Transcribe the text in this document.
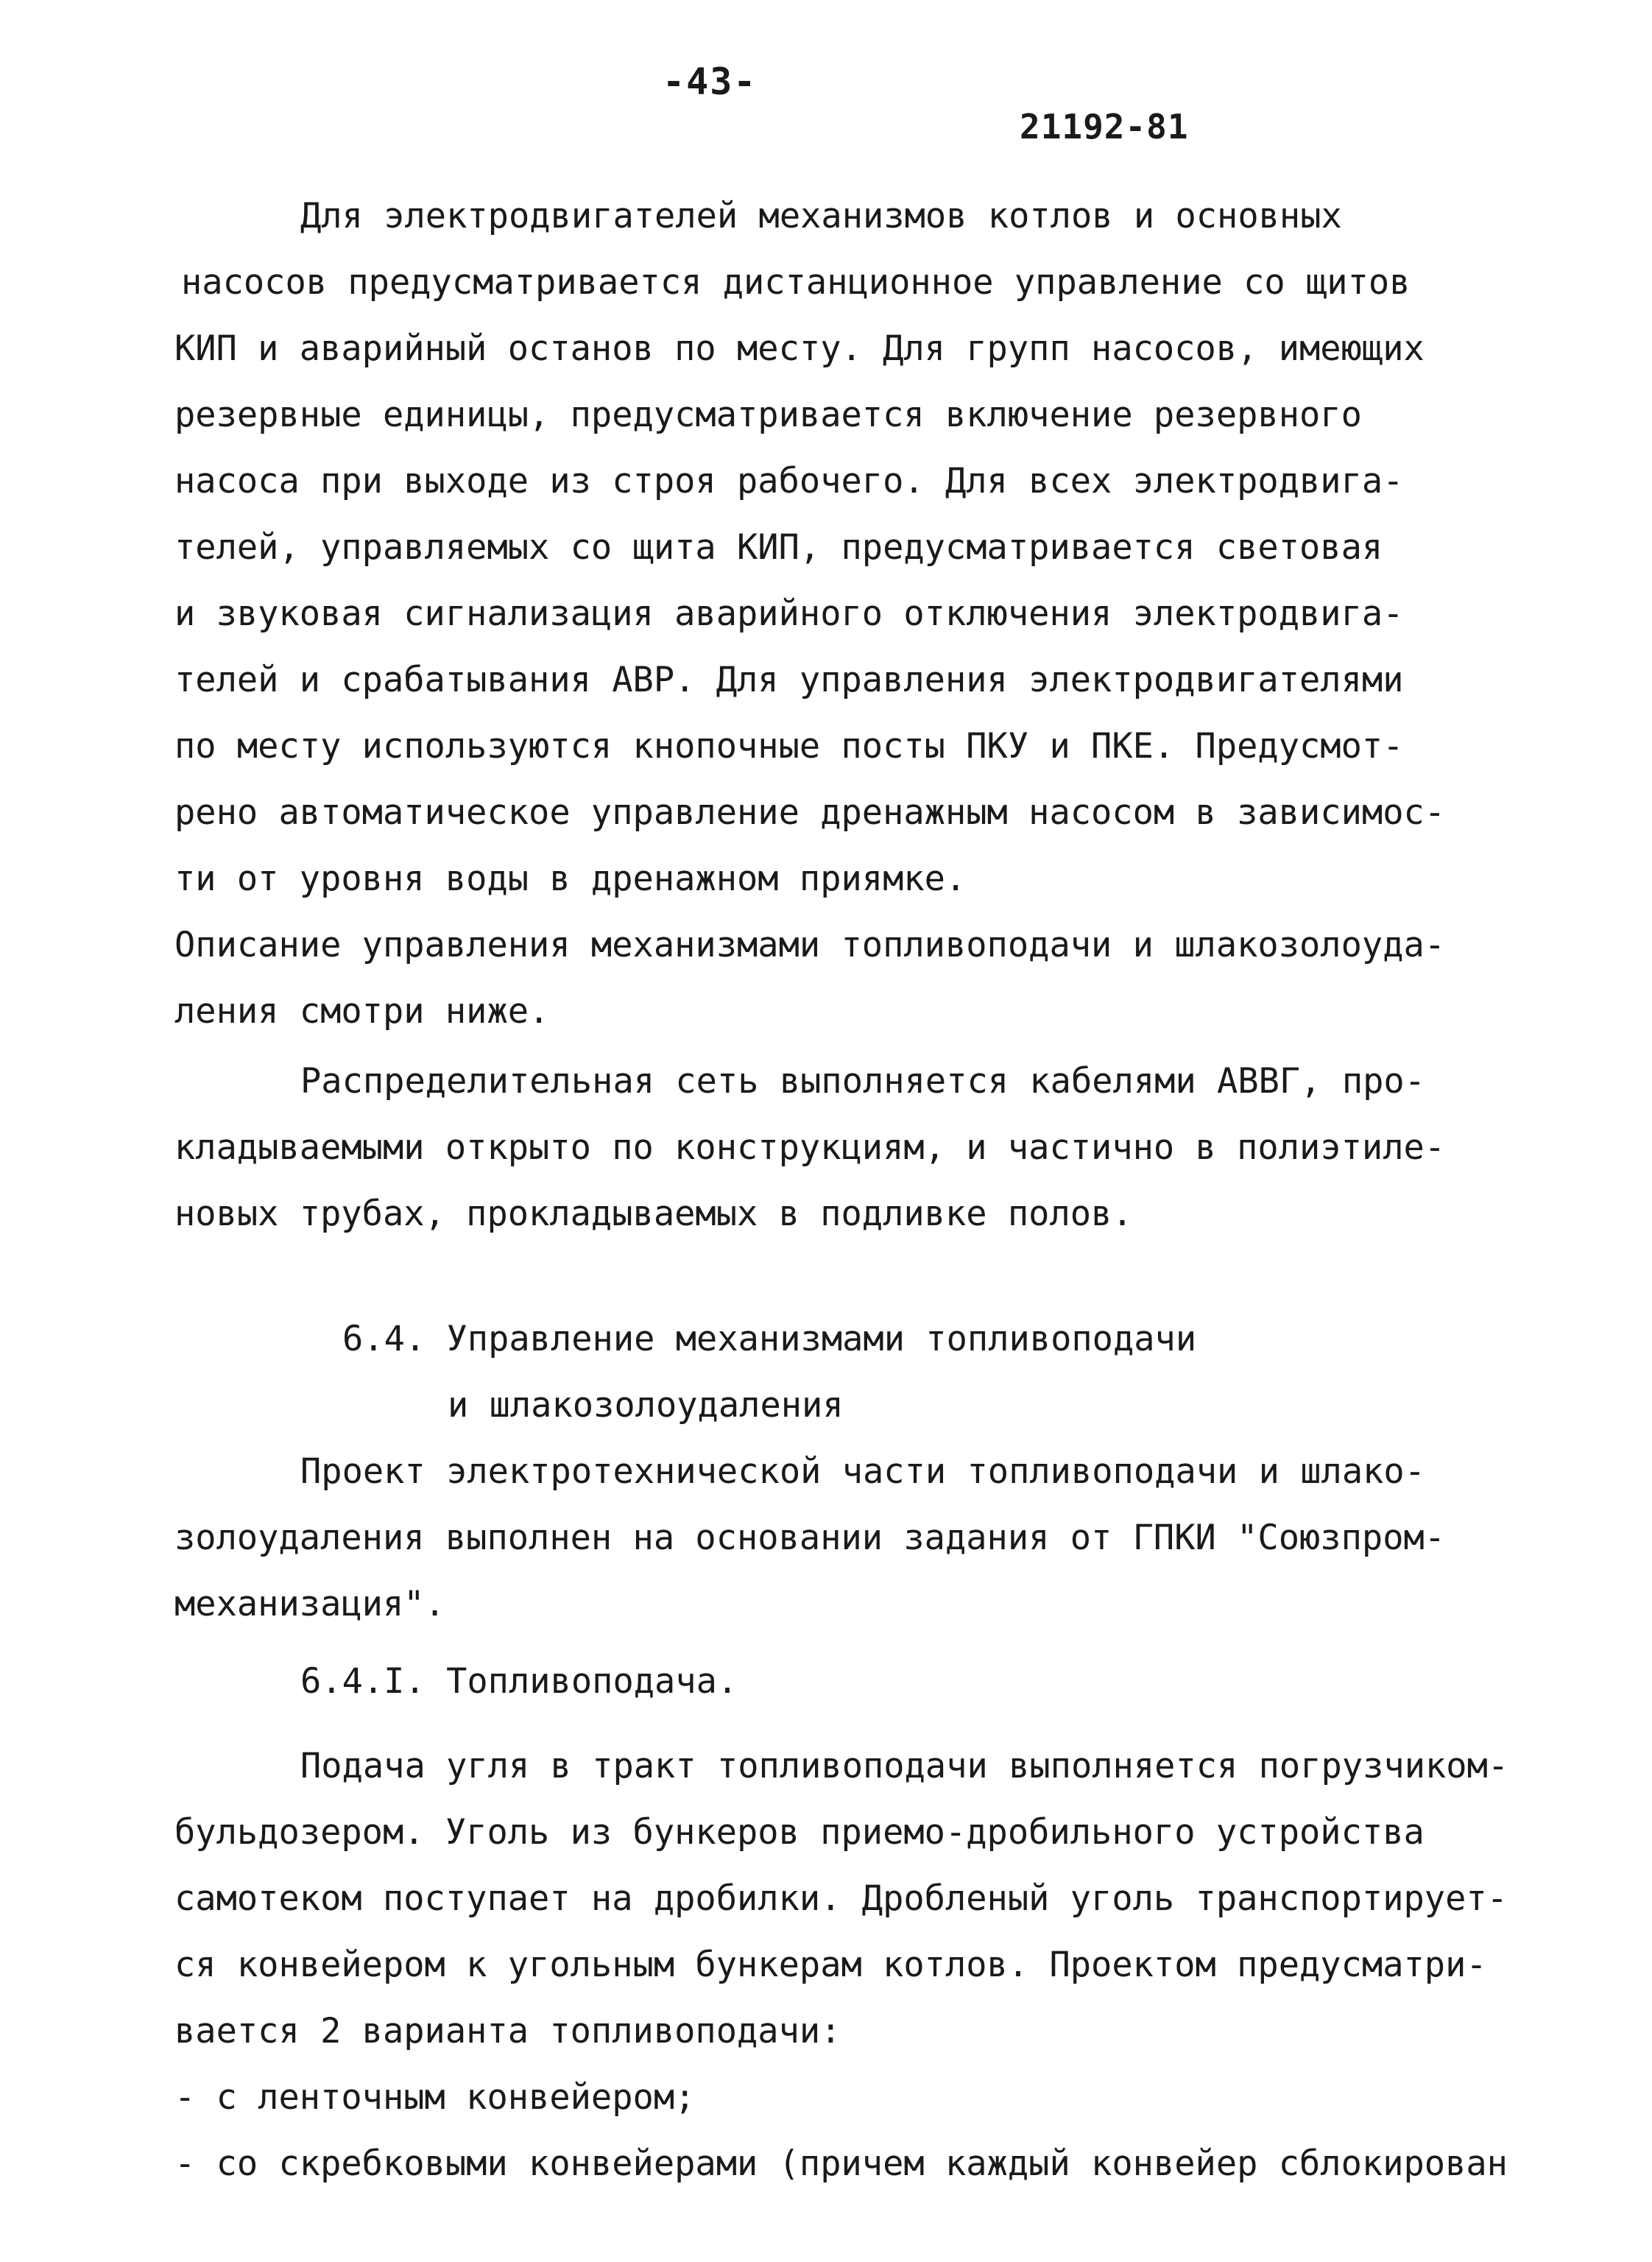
-43-
21192-81
Для электродвигателей механизмов котлов и основных
насосов предусматривается дистанционное управление со щитов
КИП и аварийный останов по месту. Для групп насосов, имеющих
резервные единицы, предусматривается включение резервного
насоса при выходе из строя рабочего. Для всех электродвига-
телей, управляемых со щита КИП, предусматривается световая
и звуковая сигнализация аварийного отключения электродвига-
телей и срабатывания АВР. Для управления электродвигателями
по месту используются кнопочные посты ПКУ и ПКЕ. Предусмот-
рено автоматическое управление дренажным насосом в зависимос-
ти от уровня воды в дренажном приямке.
Описание управления механизмами топливоподачи и шлакозолоуда-
ления смотри ниже.
Распределительная сеть выполняется кабелями АВВГ, про-
кладываемыми открыто по конструкциям, и частично в полиэтиле-
новых трубах, прокладываемых в подливке полов.
6.4. Управление механизмами топливоподачи
и шлакозолоудаления
Проект электротехнической части топливоподачи и шлако-
золоудаления выполнен на основании задания от ГПКИ "Союзпром-
механизация".
6.4.I. Топливоподача.
Подача угля в тракт топливоподачи выполняется погрузчиком-
бульдозером. Уголь из бункеров приемо-дробильного устройства
самотеком поступает на дробилки. Дробленый уголь транспортирует-
ся конвейером к угольным бункерам котлов. Проектом предусматри-
вается 2 варианта топливоподачи:
- с ленточным конвейером;
- со скребковыми конвейерами (причем каждый конвейер сблокирован
